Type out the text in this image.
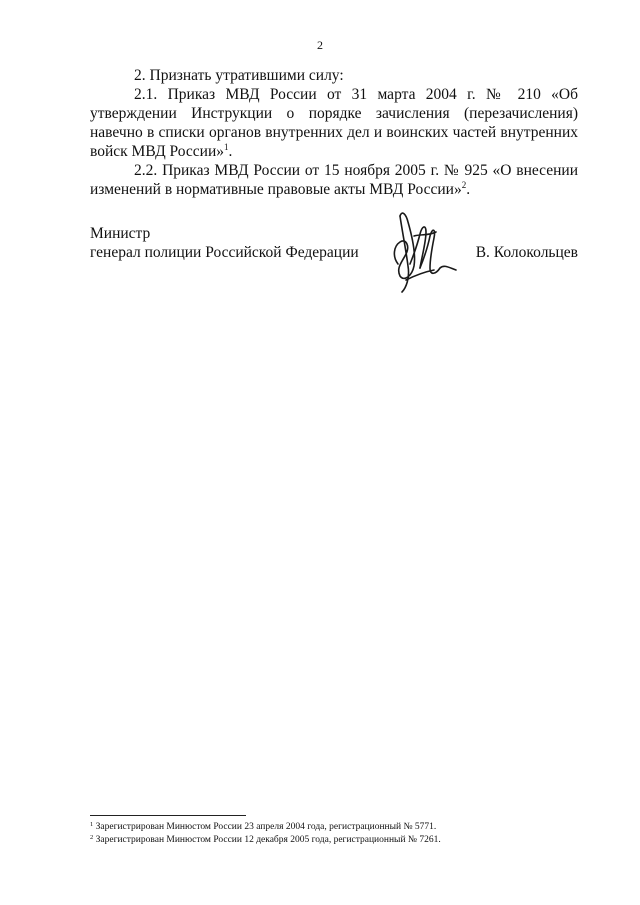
2

2. Признать утратившими силу:

2.1. Приказ МВД России от 31 марта 2004 г. № 210 «Об утверждении Инструкции о порядке зачисления (перезачисления) навечно в списки органов внутренних дел и воинских частей внутренних войск МВД России»$^1$.

2.2. Приказ МВД России от 15 ноября 2005 г. № 925 «О внесении изменений в нормативные правовые акты МВД России»$^2$.

Министр
генерал полиции Российской Федерации	В. Колокольцев

$^1$ Зарегистрирован Минюстом России 23 апреля 2004 года, регистрационный № 5771.

$^2$ Зарегистрирован Минюстом России 12 декабря 2005 года, регистрационный № 7261.
